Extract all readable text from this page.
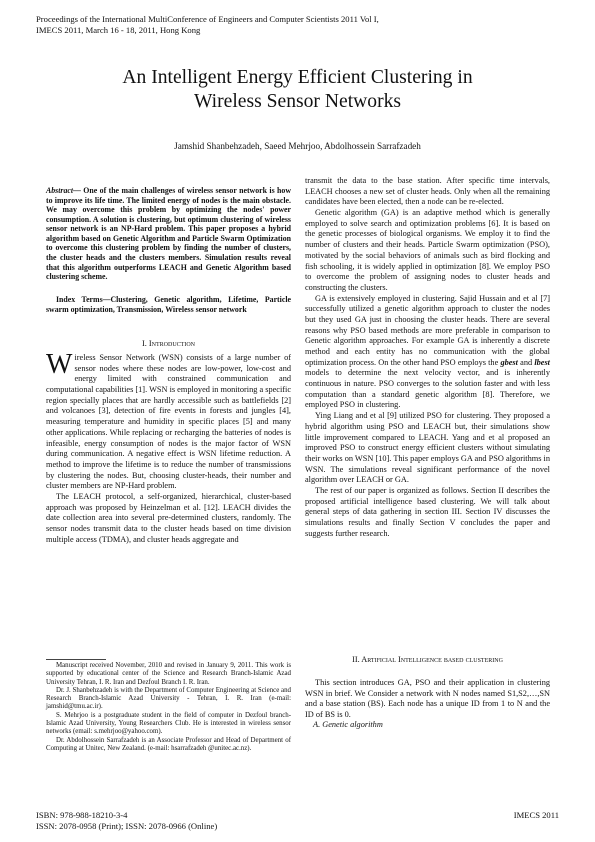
Proceedings of the International MultiConference of Engineers and Computer Scientists 2011 Vol I,
IMECS 2011, March 16 - 18, 2011, Hong Kong
An Intelligent Energy Efficient Clustering in
Wireless Sensor Networks
Jamshid Shanbehzadeh, Saeed Mehrjoo, Abdolhossein Sarrafzadeh
Abstract— One of the main challenges of wireless sensor network is how to improve its life time. The limited energy of nodes is the main obstacle. We may overcome this problem by optimizing the nodes' power consumption. A solution is clustering, but optimum clustering of wireless sensor network is an NP-Hard problem. This paper proposes a hybrid algorithm based on Genetic Algorithm and Particle Swarm Optimization to overcome this clustering problem by finding the number of clusters, the cluster heads and the clusters members. Simulation results reveal that this algorithm outperforms LEACH and Genetic Algorithm based clustering scheme.
Index Terms—Clustering, Genetic algorithm, Lifetime, Particle swarm optimization, Transmission, Wireless sensor network
I. Introduction

Wireless Sensor Network (WSN) consists of a large number of sensor nodes where these nodes are low-power, low-cost and energy limited with constrained communication and computational capabilities [1]. WSN is employed in monitoring a specific region specially places that are hardly accessible such as battlefields [2] and volcanoes [3], detection of fire events in forests and jungles [4], measuring temperature and humidity in specific places [5] and many other applications. While replacing or recharging the batteries of nodes is infeasible, energy consumption of nodes is the major factor of WSN during communication. A negative effect is WSN lifetime reduction. A method to improve the lifetime is to reduce the number of transmissions by clustering the nodes. But, choosing cluster-heads, their number and cluster members are NP-Hard problem.

The LEACH protocol, a self-organized, hierarchical, cluster-based approach was proposed by Heinzelman et al. [12]. LEACH divides the date collection area into several pre-determined clusters, randomly. The sensor nodes transmit data to the cluster heads based on time division multiple access (TDMA), and cluster heads aggregate and

Manuscript received November, 2010 and revised in January 9, 2011. This work is supported by educational center of the Science and Research Branch-Islamic Azad University Tehran, I. R. Iran and Dezfoul Branch I. R. Iran.

Dr. J. Shanbehzadeh is with the Department of Computer Engineering at Science and Research Branch-Islamic Azad University - Tehran, I. R. Iran (e-mail: jamshid@tmu.ac.ir).

S. Mehrjoo is a postgraduate student in the field of computer in Dezfoul branch-Islamic Azad University, Young Researchers Club. He is interested in wireless sensor networks (email: s.mehrjoo@yahoo.com).

Dr. Abdolhossein Sarrafzadeh is an Associate Professor and Head of Department of Computing at Unitec, New Zealand. (e-mail: hsarrafzadeh @unitec.ac.nz).

transmit the data to the base station. After specific time intervals, LEACH chooses a new set of cluster heads. Only when all the remaining candidates have been elected, then a node can be re-elected.

Genetic algorithm (GA) is an adaptive method which is generally employed to solve search and optimization problems [6]. It is based on the genetic processes of biological organisms. We employ it to find the number of clusters and their heads. Particle Swarm optimization (PSO), motivated by the social behaviors of animals such as bird flocking and fish schooling, it is widely applied in optimization [8]. We employ PSO to overcome the problem of assigning nodes to cluster heads and constructing the clusters.

GA is extensively employed in clustering. Sajid Hussain and et al [7] successfully utilized a genetic algorithm approach to cluster the nodes but they used GA just in choosing the cluster heads. There are several reasons why PSO based methods are more preferable in comparison to Genetic algorithm approaches. For example GA is inherently a discrete method and each entity has no communication with the global optimization process. On the other hand PSO employs the gbest and lbest models to determine the next velocity vector, and is inherently continuous in nature. PSO converges to the solution faster and with less computation than a standard genetic algorithm [8]. Therefore, we employed PSO in clustering.

Ying Liang and et al [9] utilized PSO for clustering. They proposed a hybrid algorithm using PSO and LEACH but, their simulations show little improvement compared to LEACH. Yang and et al proposed an improved PSO to construct energy efficient clusters without simulating their works on WSN [10]. This paper employs GA and PSO algorithms in WSN. The simulations reveal significant performance of the novel algorithm over LEACH or GA.

The rest of our paper is organized as follows. Section II describes the proposed artificial intelligence based clustering. We will talk about general steps of data gathering in section III. Section IV discusses the simulations results and finally Section V concludes the paper and suggests further research.

II. Artificial Intelligence based clustering

This section introduces GA, PSO and their application in clustering WSN in brief. We Consider a network with N nodes named S1,S2,…,SN and a base station (BS). Each node has a unique ID from 1 to N and the ID of BS is 0.

A. Genetic algorithm
ISBN: 978-988-18210-3-4
ISSN: 2078-0958 (Print); ISSN: 2078-0966 (Online)
IMECS 2011
